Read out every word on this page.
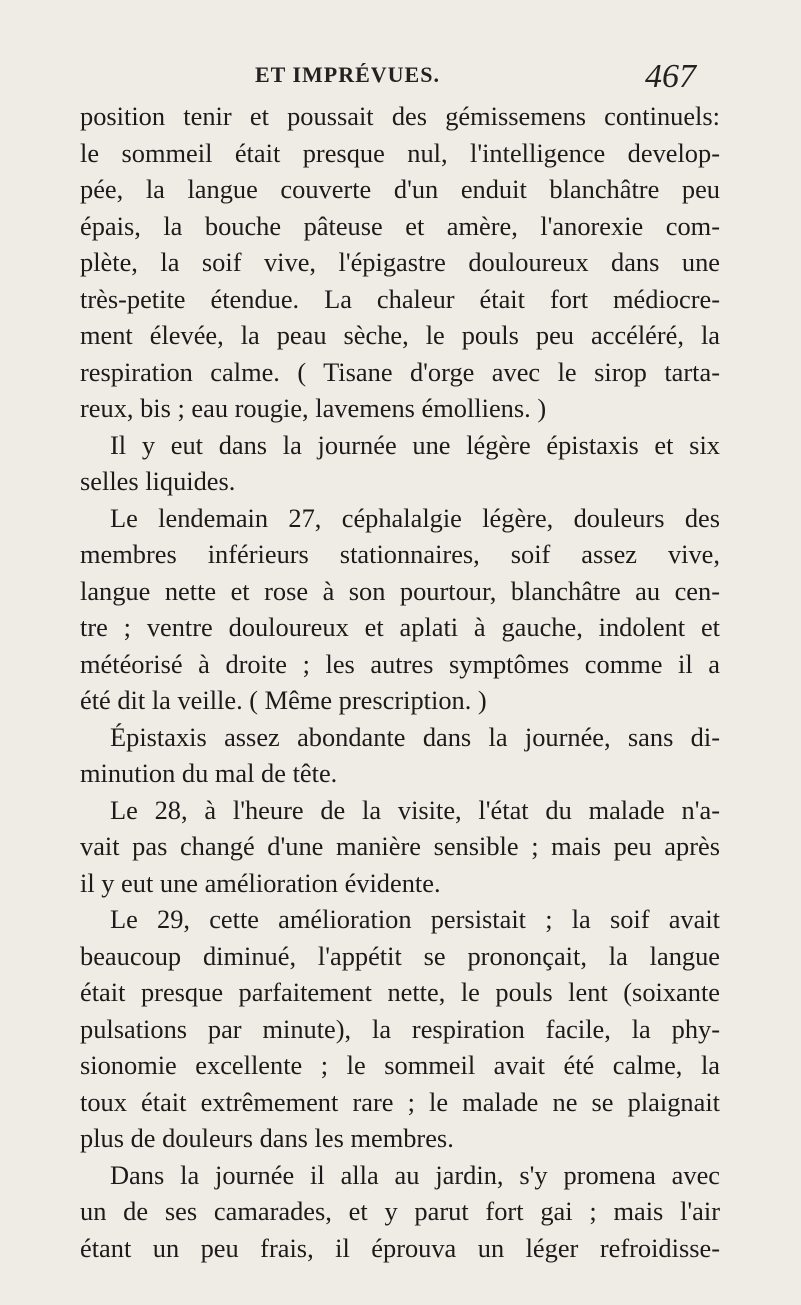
ET IMPRÉVUES.	467
position tenir et poussait des gémissemens continuels:
le sommeil était presque nul, l'intelligence develop-
pée, la langue couverte d'un enduit blanchâtre peu
épais, la bouche pâteuse et amère, l'anorexie com-
plète, la soif vive, l'épigastre douloureux dans une
très-petite étendue. La chaleur était fort médiocre-
ment élevée, la peau sèche, le pouls peu accéléré, la
respiration calme. ( Tisane d'orge avec le sirop tarta-
reux, bis ; eau rougie, lavemens émolliens. )
Il y eut dans la journée une légère épistaxis et six
selles liquides.
Le lendemain 27, céphalalgie légère, douleurs des
membres inférieurs stationnaires, soif assez vive,
langue nette et rose à son pourtour, blanchâtre au cen-
tre ; ventre douloureux et aplati à gauche, indolent et
météorisé à droite ; les autres symptômes comme il a
été dit la veille. ( Même prescription. )
Épistaxis assez abondante dans la journée, sans di-
minution du mal de tête.
Le 28, à l'heure de la visite, l'état du malade n'a-
vait pas changé d'une manière sensible ; mais peu après
il y eut une amélioration évidente.
Le 29, cette amélioration persistait ; la soif avait
beaucoup diminué, l'appétit se prononçait, la langue
était presque parfaitement nette, le pouls lent (soixante
pulsations par minute), la respiration facile, la phy-
sionomie excellente ; le sommeil avait été calme, la
toux était extrêmement rare ; le malade ne se plaignait
plus de douleurs dans les membres.
Dans la journée il alla au jardin, s'y promena avec
un de ses camarades, et y parut fort gai ; mais l'air
étant un peu frais, il éprouva un léger refroidisse-
